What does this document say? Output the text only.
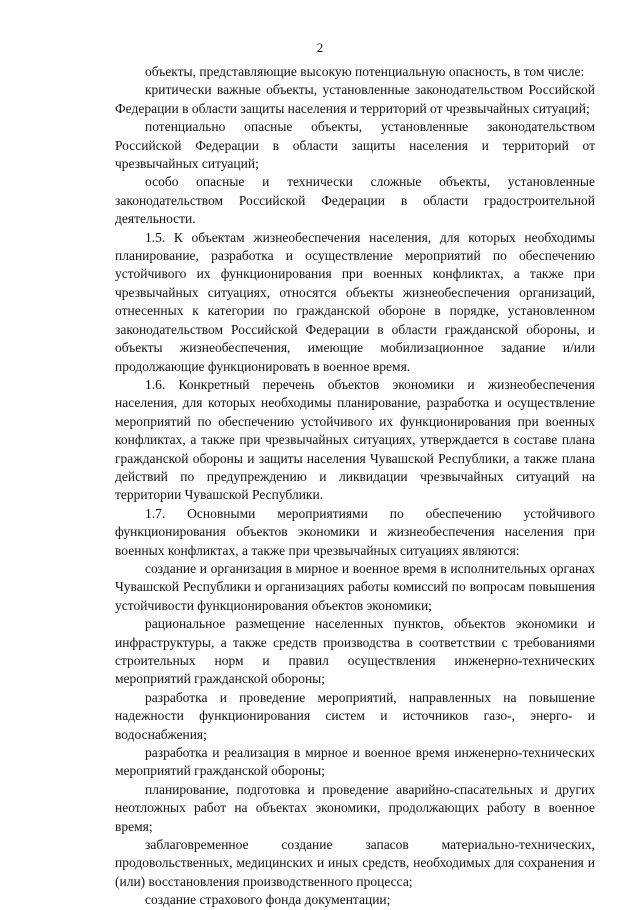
2

объекты, представляющие высокую потенциальную опасность, в том числе:

критически важные объекты, установленные законодательством Российской Федерации в области защиты населения и территорий от чрезвычайных ситуаций;

потенциально опасные объекты, установленные законодательством Российской Федерации в области защиты населения и территорий от чрезвычайных ситуаций;

особо опасные и технически сложные объекты, установленные законодательством Российской Федерации в области градостроительной деятельности.

1.5. К объектам жизнеобеспечения населения, для которых необходимы планирование, разработка и осуществление мероприятий по обеспечению устойчивого их функционирования при военных конфликтах, а также при чрезвычайных ситуациях, относятся объекты жизнеобеспечения организаций, отнесенных к категории по гражданской обороне в порядке, установленном законодательством Российской Федерации в области гражданской обороны, и объекты жизнеобеспечения, имеющие мобилизационное задание и/или продолжающие функционировать в военное время.

1.6. Конкретный перечень объектов экономики и жизнеобеспечения населения, для которых необходимы планирование, разработка и осуществление мероприятий по обеспечению устойчивого их функционирования при военных конфликтах, а также при чрезвычайных ситуациях, утверждается в составе плана гражданской обороны и защиты населения Чувашской Республики, а также плана действий по предупреждению и ликвидации чрезвычайных ситуаций на территории Чувашской Республики.

1.7. Основными мероприятиями по обеспечению устойчивого функционирования объектов экономики и жизнеобеспечения населения при военных конфликтах, а также при чрезвычайных ситуациях являются:

создание и организация в мирное и военное время в исполнительных органах Чувашской Республики и организациях работы комиссий по вопросам повышения устойчивости функционирования объектов экономики;

рациональное размещение населенных пунктов, объектов экономики и инфраструктуры, а также средств производства в соответствии с требованиями строительных норм и правил осуществления инженерно-технических мероприятий гражданской обороны;

разработка и проведение мероприятий, направленных на повышение надежности функционирования систем и источников газо-, энерго- и водоснабжения;

разработка и реализация в мирное и военное время инженерно-технических мероприятий гражданской обороны;

планирование, подготовка и проведение аварийно-спасательных и других неотложных работ на объектах экономики, продолжающих работу в военное время;

заблаговременное создание запасов материально-технических, продовольственных, медицинских и иных средств, необходимых для сохранения и (или) восстановления производственного процесса;

создание страхового фонда документации;
